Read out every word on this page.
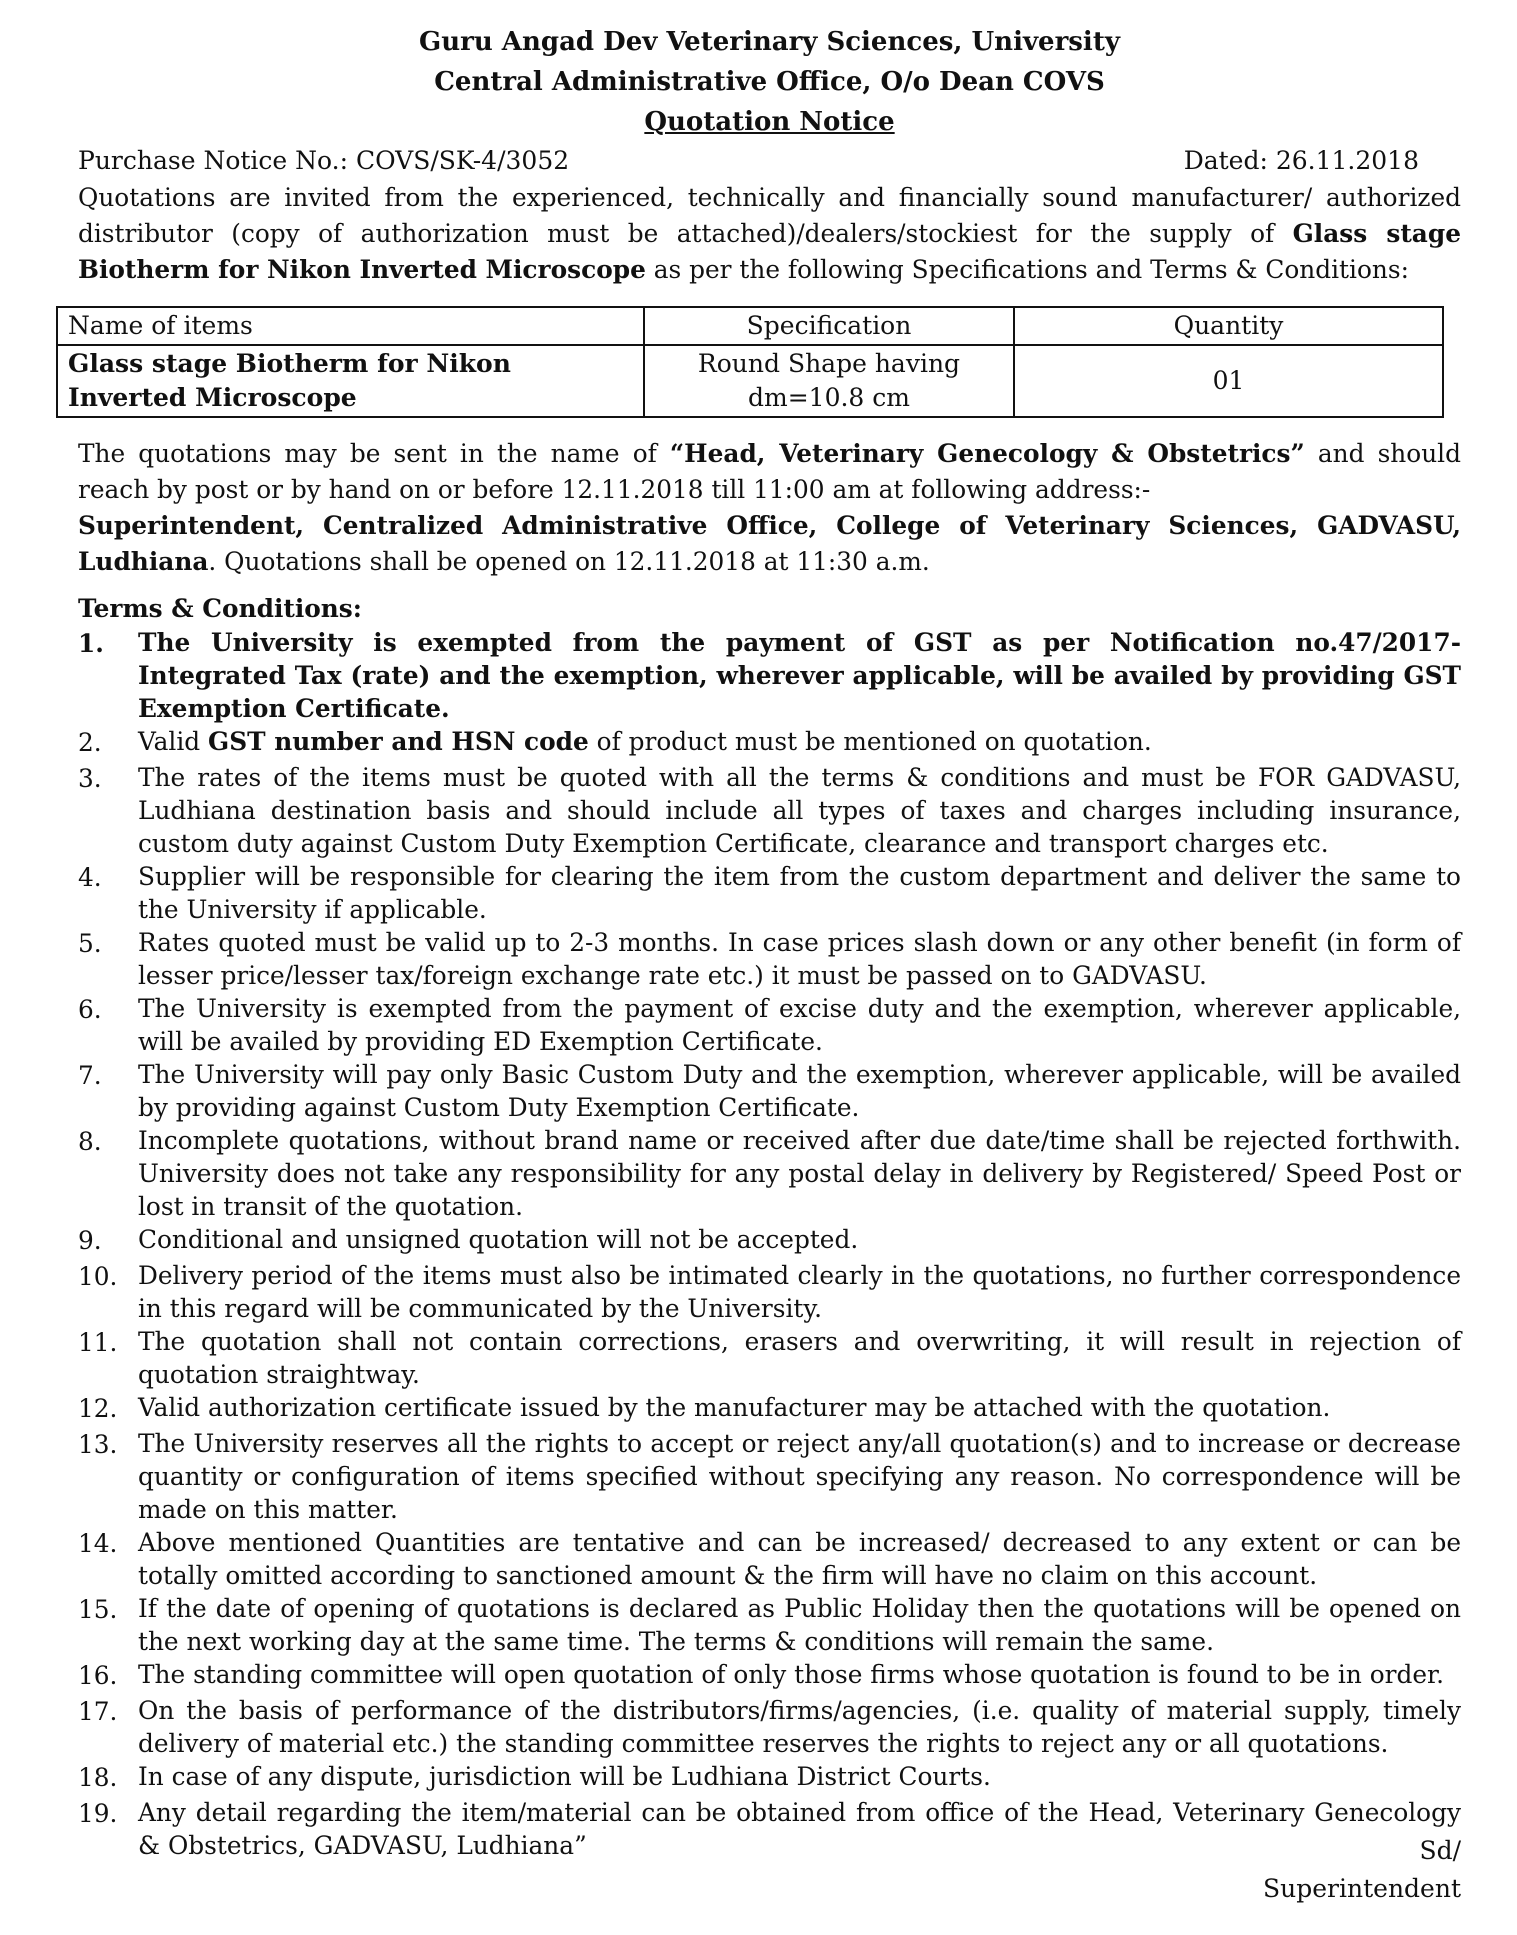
Guru Angad Dev Veterinary Sciences, University
Central Administrative Office, O/o Dean COVS
Quotation Notice
Purchase Notice No.: COVS/SK-4/3052	Dated: 26.11.2018

Quotations are invited from the experienced, technically and financially sound manufacturer/ authorized distributor (copy of authorization must be attached)/dealers/stockiest for the supply of Glass stage Biotherm for Nikon Inverted Microscope as per the following Specifications and Terms & Conditions:

Name of items	Specification	Quantity
Glass stage Biotherm for Nikon Inverted Microscope	Round Shape having dm=10.8 cm	01

The quotations may be sent in the name of “Head, Veterinary Genecology & Obstetrics” and should reach by post or by hand on or before 12.11.2018 till 11:00 am at following address:-
Superintendent, Centralized Administrative Office, College of Veterinary Sciences, GADVASU, Ludhiana. Quotations shall be opened on 12.11.2018 at 11:30 a.m.

Terms & Conditions:
1.	The University is exempted from the payment of GST as per Notification no.47/2017- Integrated Tax (rate) and the exemption, wherever applicable, will be availed by providing GST Exemption Certificate.
2.	Valid GST number and HSN code of product must be mentioned on quotation.
3.	The rates of the items must be quoted with all the terms & conditions and must be FOR GADVASU, Ludhiana destination basis and should include all types of taxes and charges including insurance, custom duty against Custom Duty Exemption Certificate, clearance and transport charges etc.
4.	Supplier will be responsible for clearing the item from the custom department and deliver the same to the University if applicable.
5.	Rates quoted must be valid up to 2-3 months. In case prices slash down or any other benefit (in form of lesser price/lesser tax/foreign exchange rate etc.) it must be passed on to GADVASU.
6.	The University is exempted from the payment of excise duty and the exemption, wherever applicable, will be availed by providing ED Exemption Certificate.
7.	The University will pay only Basic Custom Duty and the exemption, wherever applicable, will be availed by providing against Custom Duty Exemption Certificate.
8.	Incomplete quotations, without brand name or received after due date/time shall be rejected forthwith. University does not take any responsibility for any postal delay in delivery by Registered/ Speed Post or lost in transit of the quotation.
9.	Conditional and unsigned quotation will not be accepted.
10. Delivery period of the items must also be intimated clearly in the quotations, no further correspondence in this regard will be communicated by the University.
11. The quotation shall not contain corrections, erasers and overwriting, it will result in rejection of quotation straightway.
12. Valid authorization certificate issued by the manufacturer may be attached with the quotation.
13. The University reserves all the rights to accept or reject any/all quotation(s) and to increase or decrease quantity or configuration of items specified without specifying any reason. No correspondence will be made on this matter.
14. Above mentioned Quantities are tentative and can be increased/ decreased to any extent or can be totally omitted according to sanctioned amount & the firm will have no claim on this account.
15. If the date of opening of quotations is declared as Public Holiday then the quotations will be opened on the next working day at the same time. The terms & conditions will remain the same.
16. The standing committee will open quotation of only those firms whose quotation is found to be in order.
17. On the basis of performance of the distributors/firms/agencies, (i.e. quality of material supply, timely delivery of material etc.) the standing committee reserves the rights to reject any or all quotations.
18. In case of any dispute, jurisdiction will be Ludhiana District Courts.
19. Any detail regarding the item/material can be obtained from office of the Head, Veterinary Genecology & Obstetrics, GADVASU, Ludhiana”	Sd/
Superintendent
